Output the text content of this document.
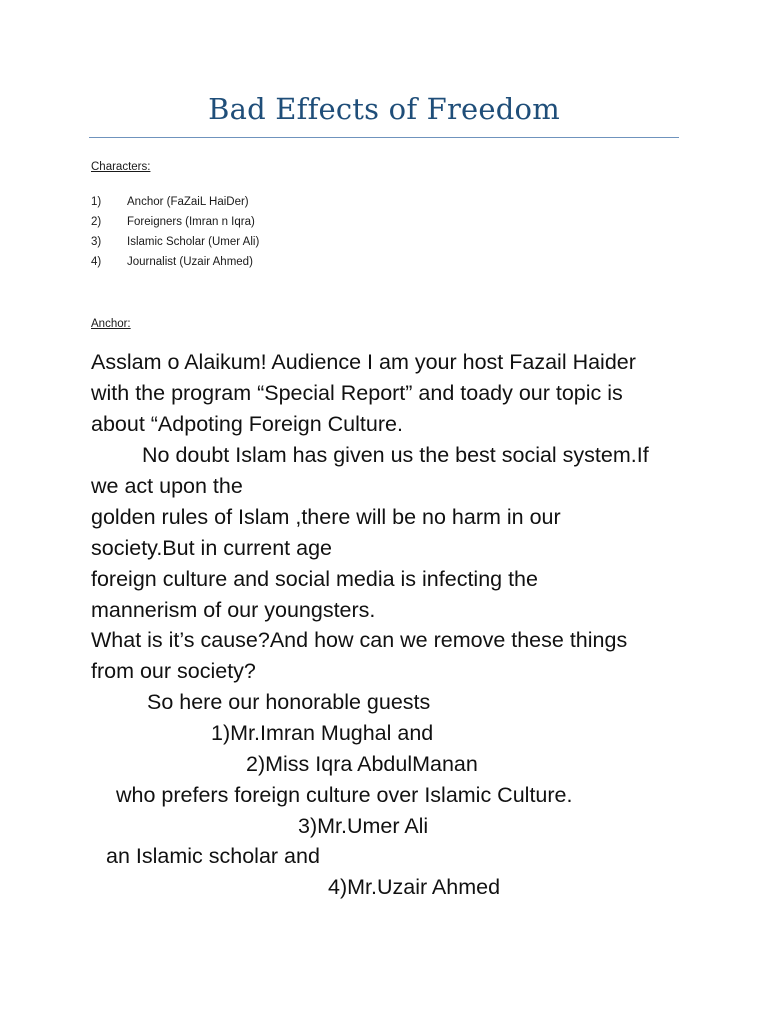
Bad Effects of Freedom
Characters:
1) Anchor (FaZaiL HaiDer)
2) Foreigners (Imran n Iqra)
3) Islamic Scholar (Umer Ali)
4) Journalist (Uzair Ahmed)
Anchor:
Asslam o Alaikum! Audience I am your host Fazail Haider
with the program “Special Report” and toady our topic is
about “Adpoting Foreign Culture.
No doubt Islam has given us the best social system.If
we act upon the
golden rules of Islam ,there will be no harm in our
society.But in current age
foreign culture and social media is infecting the
mannerism of our youngsters.
What is it’s cause?And how can we remove these things
from our society?
So here our honorable guests
1)Mr.Imran Mughal and
2)Miss Iqra AbdulManan
who prefers foreign culture over Islamic Culture.
3)Mr.Umer Ali
an Islamic scholar and
4)Mr.Uzair Ahmed
